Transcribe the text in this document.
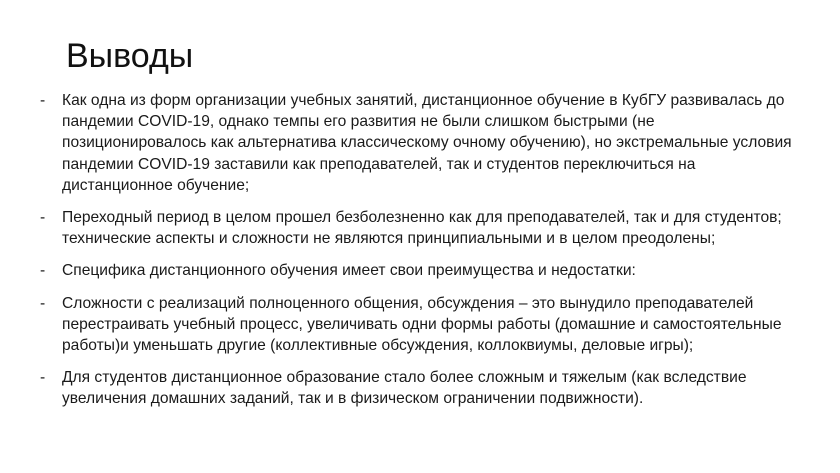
Выводы
- Как одна из форм организации учебных занятий, дистанционное обучение в КубГУ развивалась до пандемии COVID-19, однако темпы его развития не были слишком быстрыми (не позиционировалось как альтернатива классическому очному обучению), но экстремальные условия пандемии COVID-19 заставили как преподавателей, так и студентов переключиться на дистанционное обучение;
- Переходный период в целом прошел безболезненно как для преподавателей, так и для студентов; технические аспекты и сложности не являются принципиальными и в целом преодолены;
- Специфика дистанционного обучения имеет свои преимущества и недостатки:
- Сложности с реализаций полноценного общения, обсуждения – это вынудило преподавателей перестраивать учебный процесс, увеличивать одни формы работы (домашние и самостоятельные работы)и уменьшать другие (коллективные обсуждения, коллоквиумы, деловые игры);
- Для студентов дистанционное образование стало более сложным и тяжелым (как вследствие увеличения домашних заданий, так и в физическом ограничении подвижности).
